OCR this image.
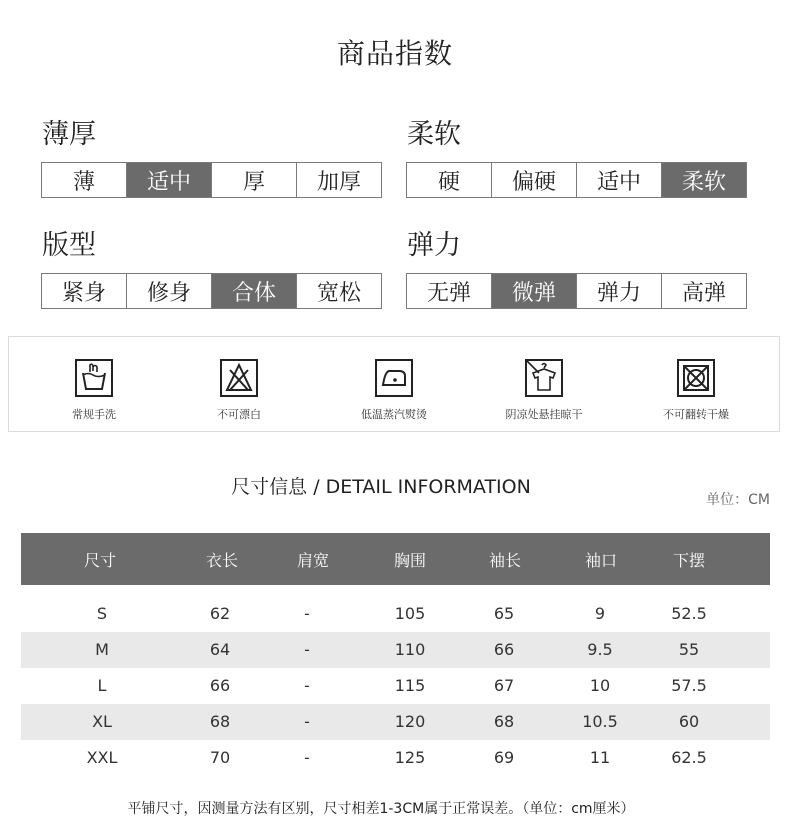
商品指数
薄厚
薄	适中	厚	加厚
柔软
硬	偏硬	适中	柔软
版型
紧身	修身	合体	宽松
弹力
无弹	微弹	弹力	高弹
常规手洗	不可漂白	低温蒸汽熨烫	阴凉处悬挂晾干	不可翻转干燥
尺寸信息 / DETAIL INFORMATION
单位：CM
尺寸	衣长	肩宽	胸围	袖长	袖口	下摆
S	62	-	105	65	9	52.5
M	64	-	110	66	9.5	55
L	66	-	115	67	10	57.5
XL	68	-	120	68	10.5	60
XXL	70	-	125	69	11	62.5
平铺尺寸，因测量方法有区别，尺寸相差1-3CM属于正常误差。（单位：cm厘米）
